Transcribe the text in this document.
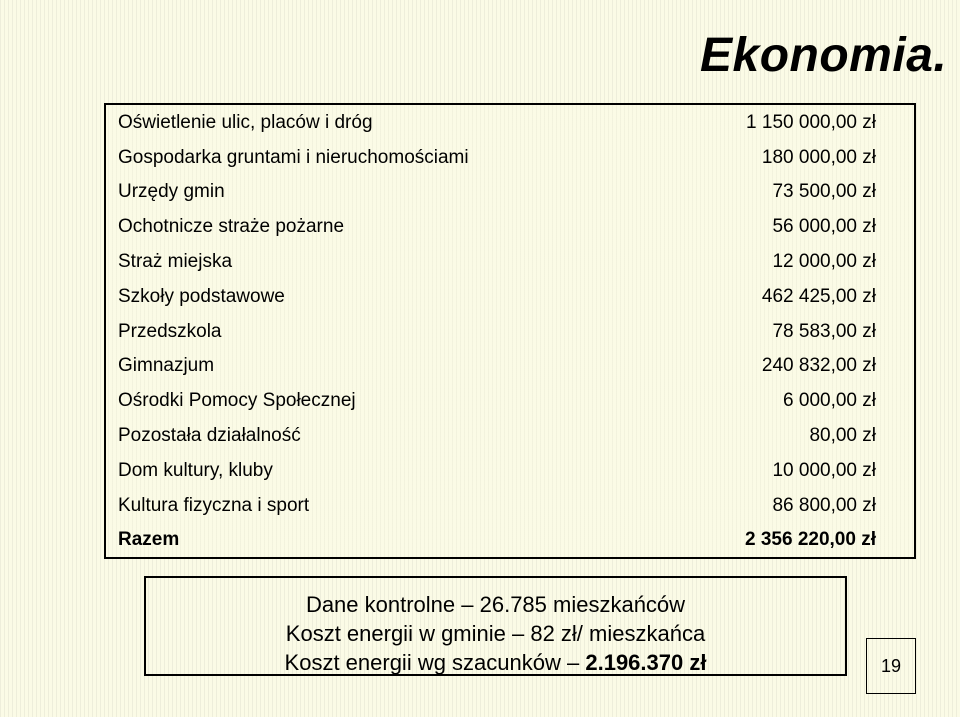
Ekonomia.
Oświetlenie ulic, placów i dróg	1 150 000,00 zł
Gospodarka gruntami i nieruchomościami	180 000,00 zł
Urzędy gmin	73 500,00 zł
Ochotnicze straże pożarne	56 000,00 zł
Straż miejska	12 000,00 zł
Szkoły podstawowe	462 425,00 zł
Przedszkola	78 583,00 zł
Gimnazjum	240 832,00 zł
Ośrodki Pomocy Społecznej	6 000,00 zł
Pozostała działalność	80,00 zł
Dom kultury, kluby	10 000,00 zł
Kultura fizyczna i sport	86 800,00 zł
Razem	2 356 220,00 zł
Dane kontrolne – 26.785 mieszkańców
Koszt energii w gminie – 82 zł/ mieszkańca
Koszt energii wg szacunków – 2.196.370 zł	19
